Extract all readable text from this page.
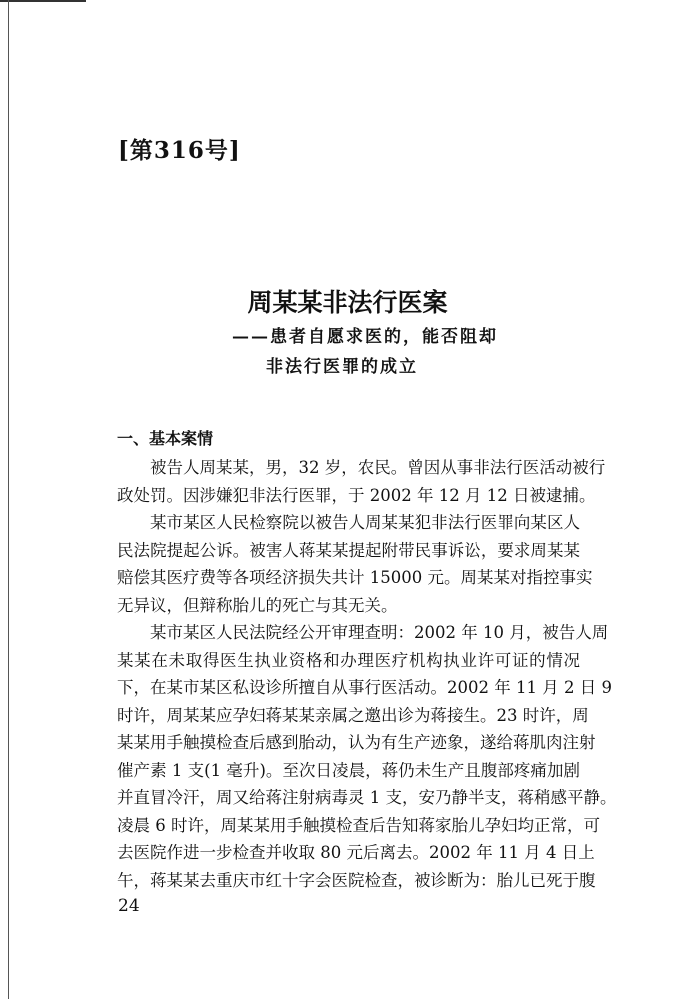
[第316号]
周某某非法行医案
——患者自愿求医的，能否阻却
非法行医罪的成立
一、基本案情
被告人周某某，男，32 岁，农民。曾因从事非法行医活动被行
政处罚。因涉嫌犯非法行医罪，于 2002 年 12 月 12 日被逮捕。
某市某区人民检察院以被告人周某某犯非法行医罪向某区人
民法院提起公诉。被害人蒋某某提起附带民事诉讼，要求周某某
赔偿其医疗费等各项经济损失共计 15000 元。周某某对指控事实
无异议，但辩称胎儿的死亡与其无关。
某市某区人民法院经公开审理查明：2002 年 10 月，被告人周
某某在未取得医生执业资格和办理医疗机构执业许可证的情况
下，在某市某区私设诊所擅自从事行医活动。2002 年 11 月 2 日 9
时许，周某某应孕妇蒋某某亲属之邀出诊为蒋接生。23 时许，周
某某用手触摸检查后感到胎动，认为有生产迹象，遂给蒋肌肉注射
催产素 1 支(1 毫升)。至次日凌晨，蒋仍未生产且腹部疼痛加剧
并直冒冷汗，周又给蒋注射病毒灵 1 支，安乃静半支，蒋稍感平静。
凌晨 6 时许，周某某用手触摸检查后告知蒋家胎儿孕妇均正常，可
去医院作进一步检查并收取 80 元后离去。2002 年 11 月 4 日上
午，蒋某某去重庆市红十字会医院检查，被诊断为：胎儿已死于腹
24
